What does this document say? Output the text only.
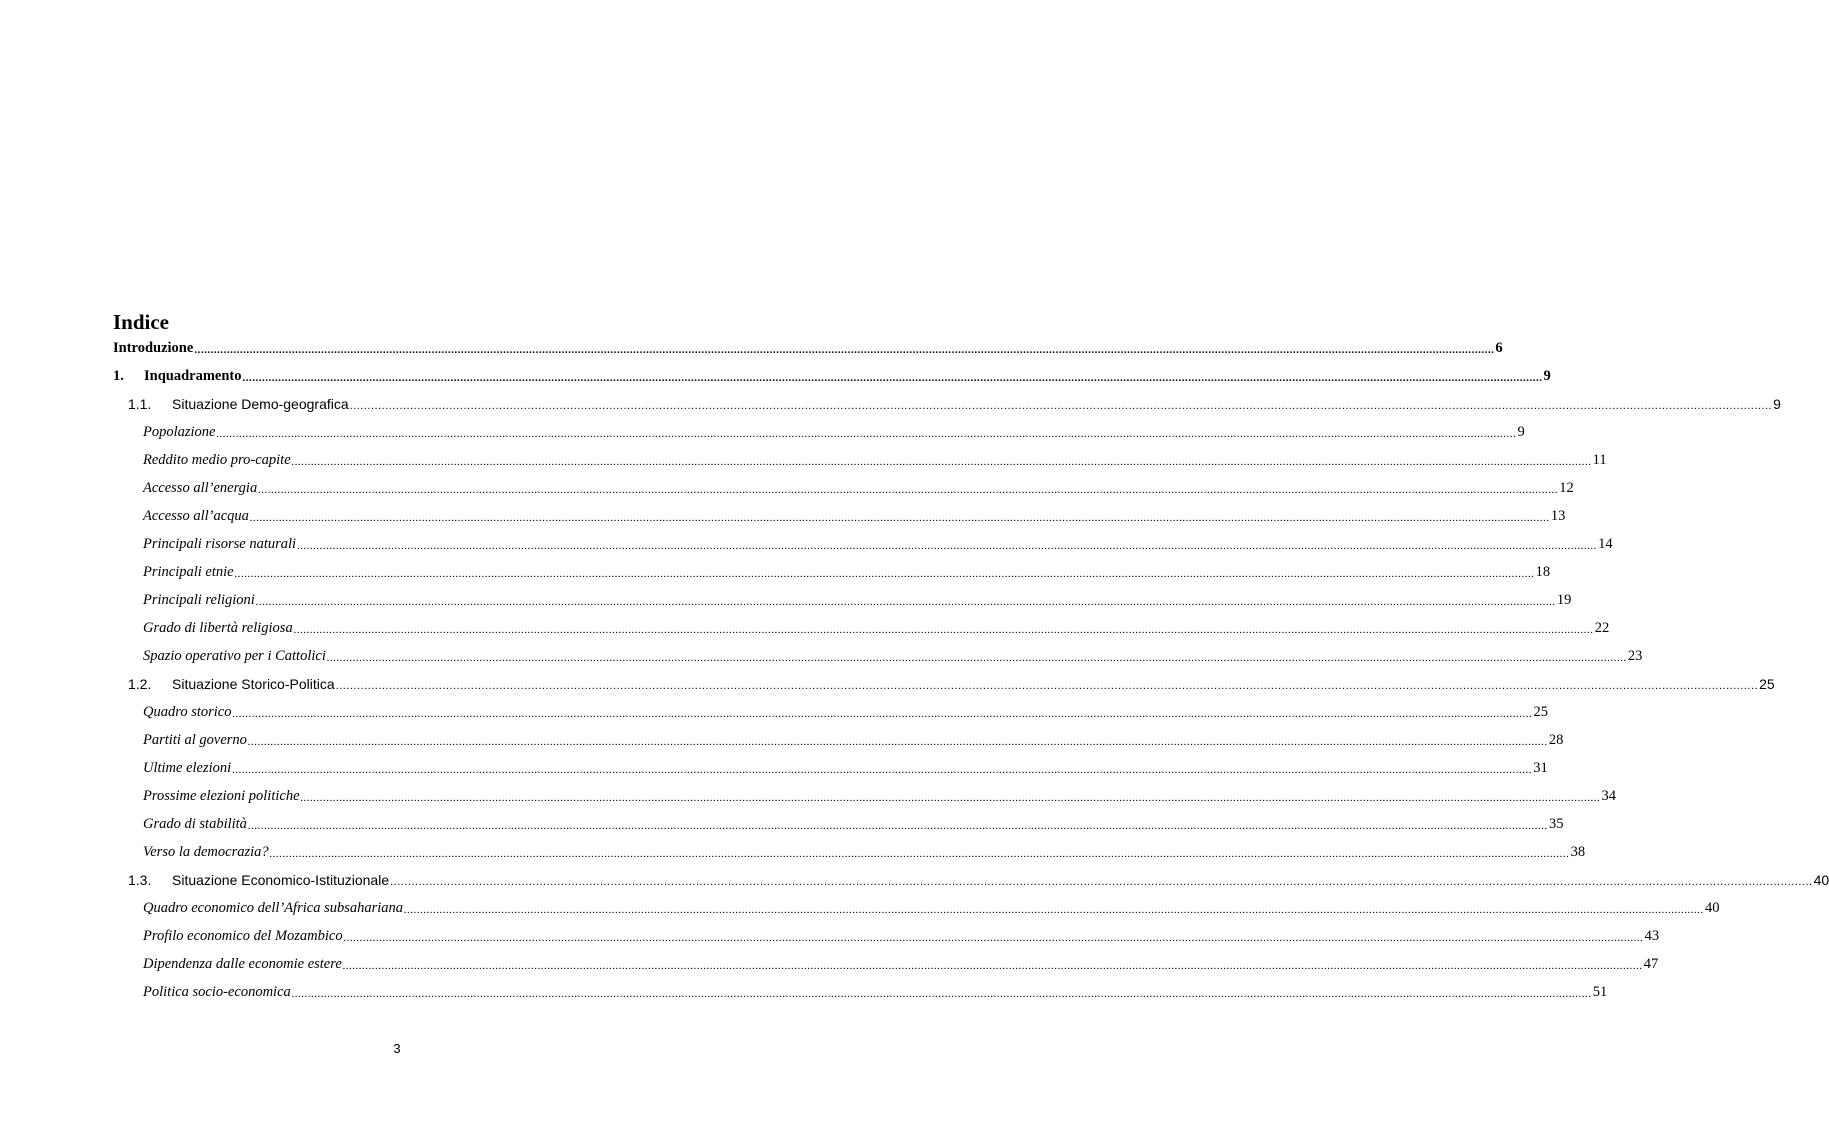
Indice
Introduzione ................................................................................................................................................................................................................................................................................................................................................................................................................ 6
1.	Inquadramento ................................................................................................................................................................................................................................................................................................................................................................................................................ 9
1.1.	Situazione Demo-geografica ................................................................................................................................................................................................................................................................................................................................................................................................................ 9
Popolazione ................................................................................................................................................................................................................................................................................................................................................................................................................ 9
Reddito medio pro-capite ................................................................................................................................................................................................................................................................................................................................................................................................................ 11
Accesso all’energia ................................................................................................................................................................................................................................................................................................................................................................................................................ 12
Accesso all’acqua ................................................................................................................................................................................................................................................................................................................................................................................................................ 13
Principali risorse naturali ................................................................................................................................................................................................................................................................................................................................................................................................................ 14
Principali etnie ................................................................................................................................................................................................................................................................................................................................................................................................................ 18
Principali religioni ................................................................................................................................................................................................................................................................................................................................................................................................................ 19
Grado di libertà religiosa ................................................................................................................................................................................................................................................................................................................................................................................................................ 22
Spazio operativo per i Cattolici ................................................................................................................................................................................................................................................................................................................................................................................................................ 23
1.2.	Situazione Storico-Politica ................................................................................................................................................................................................................................................................................................................................................................................................................ 25
Quadro storico ................................................................................................................................................................................................................................................................................................................................................................................................................ 25
Partiti al governo ................................................................................................................................................................................................................................................................................................................................................................................................................ 28
Ultime elezioni ................................................................................................................................................................................................................................................................................................................................................................................................................ 31
Prossime elezioni politiche ................................................................................................................................................................................................................................................................................................................................................................................................................ 34
Grado di stabilità ................................................................................................................................................................................................................................................................................................................................................................................................................ 35
Verso la democrazia? ................................................................................................................................................................................................................................................................................................................................................................................................................ 38
1.3.	Situazione Economico-Istituzionale ................................................................................................................................................................................................................................................................................................................................................................................................................ 40
Quadro economico dell’Africa subsahariana ................................................................................................................................................................................................................................................................................................................................................................................................................ 40
Profilo economico del Mozambico ................................................................................................................................................................................................................................................................................................................................................................................................................ 43
Dipendenza dalle economie estere ................................................................................................................................................................................................................................................................................................................................................................................................................ 47
Politica socio-economica ................................................................................................................................................................................................................................................................................................................................................................................................................ 51
3
